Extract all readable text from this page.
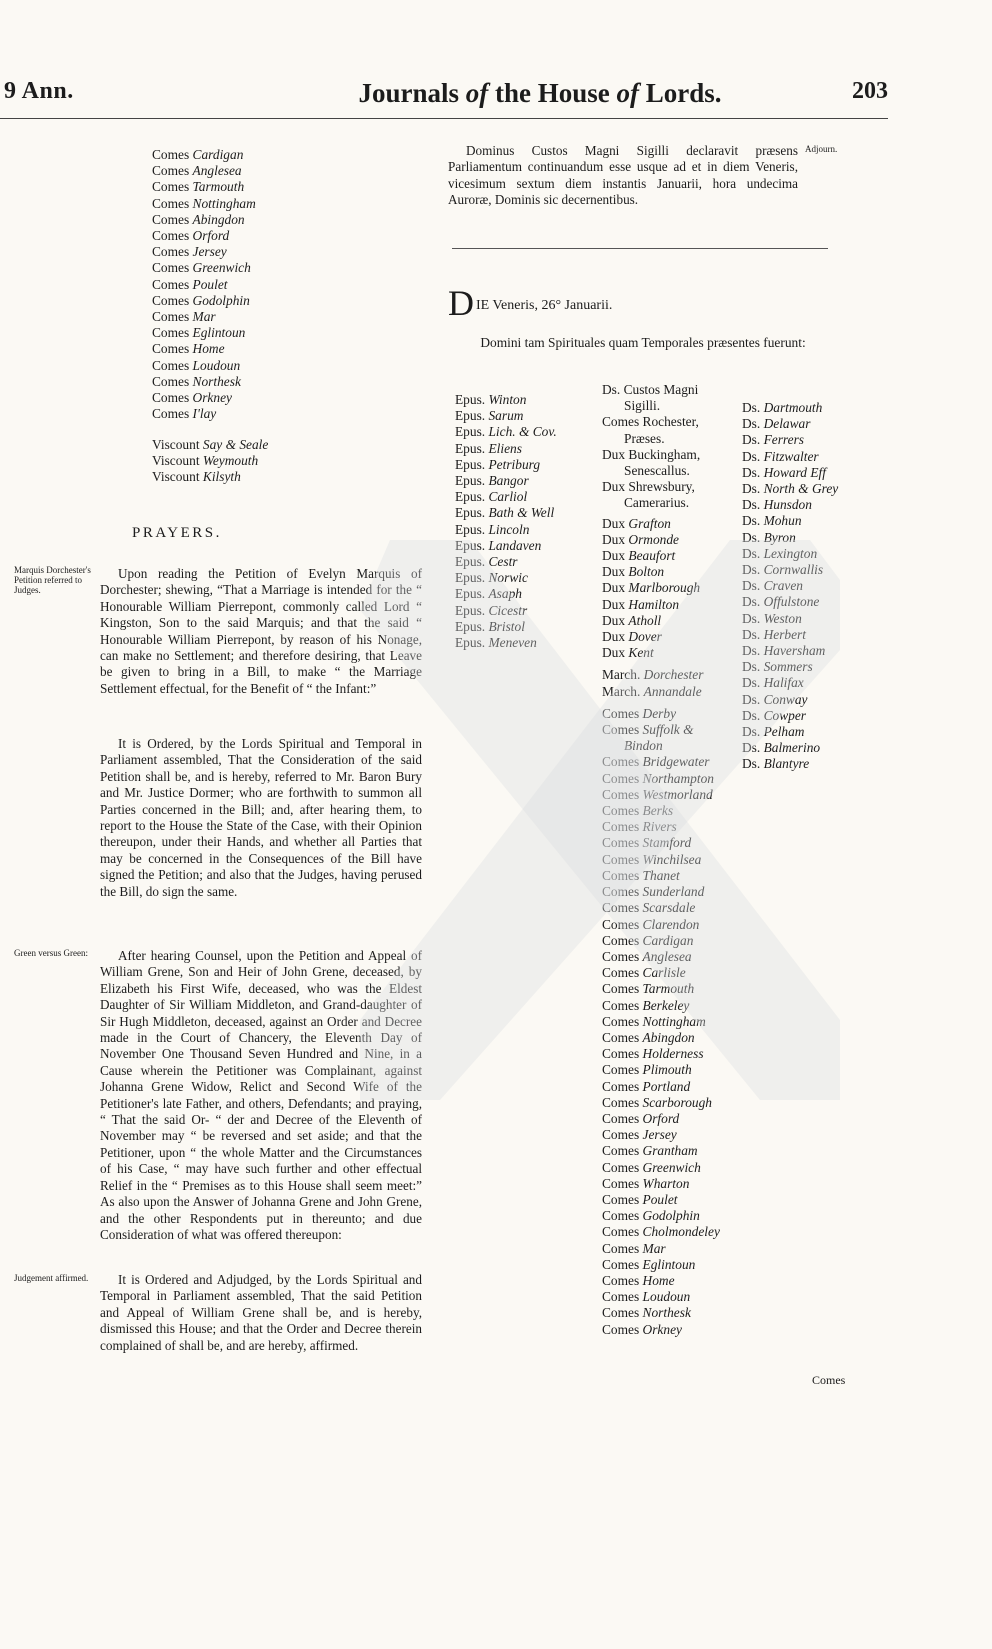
9 Ann.	Journals of the House of Lords.	203
Comes Cardigan
Comes Anglesea
Comes Tarmouth
Comes Nottingham
Comes Abingdon
Comes Orford
Comes Jersey
Comes Greenwich
Comes Poulet
Comes Godolphin
Comes Mar
Comes Eglintoun
Comes Home
Comes Loudoun
Comes Northesk
Comes Orkney
Comes I'lay
Viscount Say & Seale
Viscount Weymouth
Viscount Kilsyth
PRAYERS.
Marquis Dorchester's Petition referred to Judges.
Green versus Green:
Judgement affirmed.
Upon reading the Petition of Evelyn Marquis of Dorchester; shewing, “That a Marriage is intended for the “ Honourable William Pierrepont, commonly called Lord “ Kingston, Son to the said Marquis; and that the said “ Honourable William Pierrepont, by reason of his Nonage, can make no Settlement; and therefore desiring, that Leave be given to bring in a Bill, to make “ the Marriage Settlement effectual, for the Benefit of “ the Infant:”
It is Ordered, by the Lords Spiritual and Temporal in Parliament assembled, That the Consideration of the said Petition shall be, and is hereby, referred to Mr. Baron Bury and Mr. Justice Dormer; who are forthwith to summon all Parties concerned in the Bill; and, after hearing them, to report to the House the State of the Case, with their Opinion thereupon, under their Hands, and whether all Parties that may be concerned in the Consequences of the Bill have signed the Petition; and also that the Judges, having perused the Bill, do sign the same.
After hearing Counsel, upon the Petition and Appeal of William Grene, Son and Heir of John Grene, deceased, by Elizabeth his First Wife, deceased, who was the Eldest Daughter of Sir William Middleton, and Grand-daughter of Sir Hugh Middleton, deceased, against an Order and Decree made in the Court of Chancery, the Eleventh Day of November One Thousand Seven Hundred and Nine, in a Cause wherein the Petitioner was Complainant, against Johanna Grene Widow, Relict and Second Wife of the Petitioner's late Father, and others, Defendants; and praying, “ That the said Or- “ der and Decree of the Eleventh of November may “ be reversed and set aside; and that the Petitioner, upon “ the whole Matter and the Circumstances of his Case, “ may have such further and other effectual Relief in the “ Premises as to this House shall seem meet:” As also upon the Answer of Johanna Grene and John Grene, and the other Respondents put in thereunto; and due Consideration of what was offered thereupon:
It is Ordered and Adjudged, by the Lords Spiritual and Temporal in Parliament assembled, That the said Petition and Appeal of William Grene shall be, and is hereby, dismissed this House; and that the Order and Decree therein complained of shall be, and are hereby, affirmed.
Dominus Custos Magni Sigilli declaravit præsens Parliamentum continuandum esse usque ad et in diem Veneris, vicesimum sextum diem instantis Januarii, hora undecima Auroræ, Dominis sic decernentibus.
Adjourn.
DIE Veneris, 26° Januarii.
Domini tam Spirituales quam Temporales præsentes fuerunt:
Epus. Winton
Epus. Sarum
Epus. Lich. & Cov.
Epus. Eliens
Epus. Petriburg
Epus. Bangor
Epus. Carliol
Epus. Bath & Well
Epus. Lincoln
Epus. Landaven
Epus. Cestr
Epus. Norwic
Epus. Asaph
Epus. Cicestr
Epus. Bristol
Epus. Meneven
Ds. Custos Magni
Sigilli.
Comes Rochester,
Præses.
Dux Buckingham,
Senescallus.
Dux Shrewsbury,
Camerarius.
Dux Grafton
Dux Ormonde
Dux Beaufort
Dux Bolton
Dux Marlborough
Dux Hamilton
Dux Atholl
Dux Dover
Dux Kent
March. Dorchester
March. Annandale
Comes Derby
Comes Suffolk &
Bindon
Comes Bridgewater
Comes Northampton
Comes Westmorland
Comes Berks
Comes Rivers
Comes Stamford
Comes Winchilsea
Comes Thanet
Comes Sunderland
Comes Scarsdale
Comes Clarendon
Comes Cardigan
Comes Anglesea
Comes Carlisle
Comes Tarmouth
Comes Berkeley
Comes Nottingham
Comes Abingdon
Comes Holderness
Comes Plimouth
Comes Portland
Comes Scarborough
Comes Orford
Comes Jersey
Comes Grantham
Comes Greenwich
Comes Wharton
Comes Poulet
Comes Godolphin
Comes Cholmondeley
Comes Mar
Comes Eglintoun
Comes Home
Comes Loudoun
Comes Northesk
Comes Orkney
Ds. Dartmouth
Ds. Delawar
Ds. Ferrers
Ds. Fitzwalter
Ds. Howard Eff
Ds. North & Grey
Ds. Hunsdon
Ds. Mohun
Ds. Byron
Ds. Lexington
Ds. Cornwallis
Ds. Craven
Ds. Offulstone
Ds. Weston
Ds. Herbert
Ds. Haversham
Ds. Sommers
Ds. Halifax
Ds. Conway
Ds. Cowper
Ds. Pelham
Ds. Balmerino
Ds. Blantyre
Comes
